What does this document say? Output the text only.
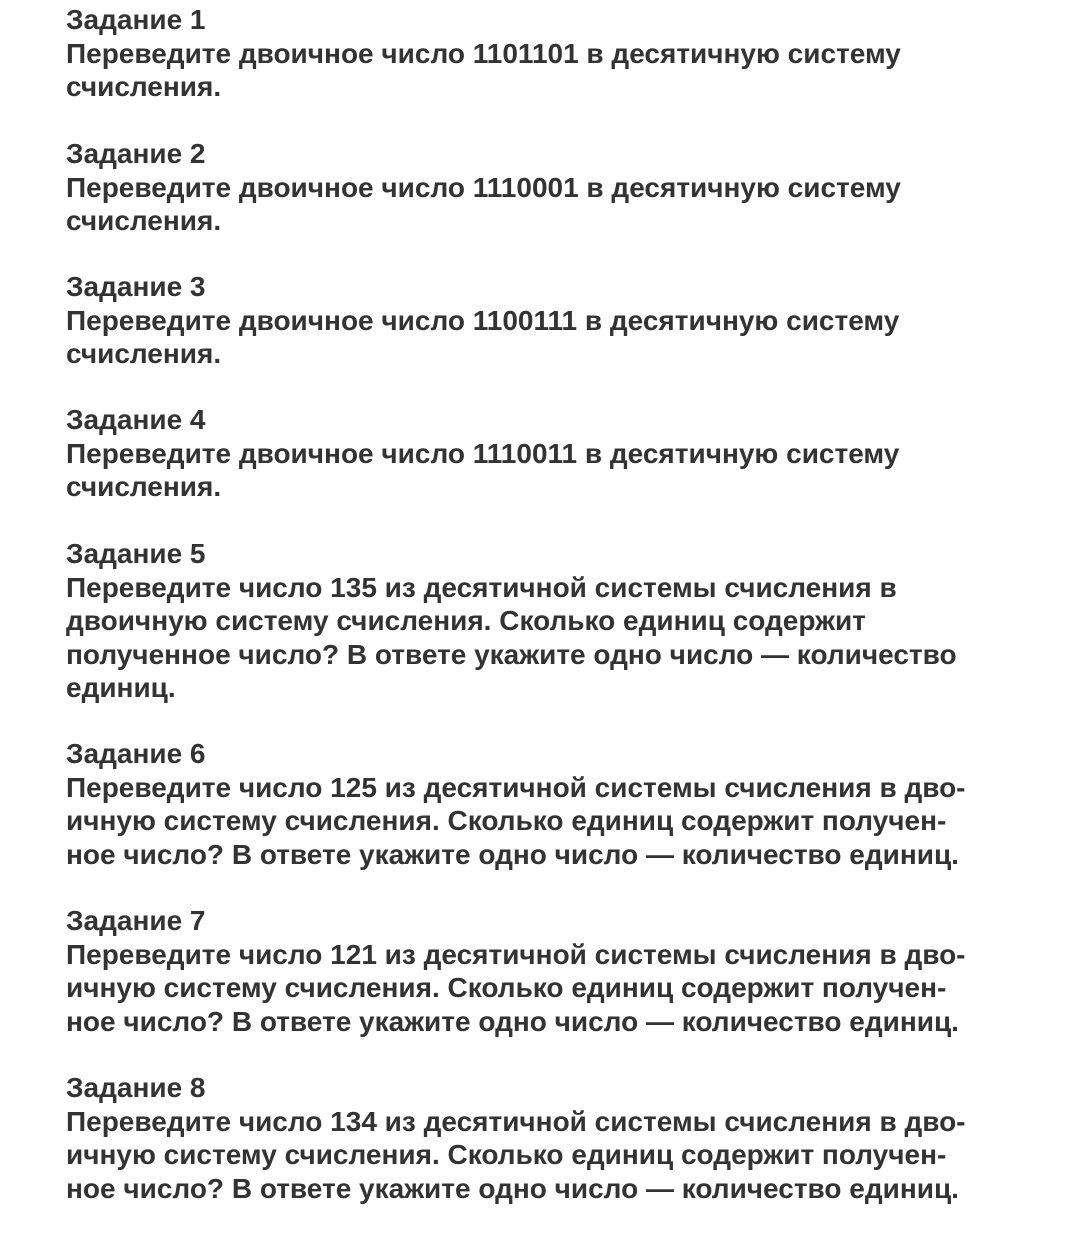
Задание 1
Переведите двоичное число 1101101 в десятичную систему
счисления.
Задание 2
Переведите двоичное число 1110001 в десятичную систему
счисления.
Задание 3
Переведите двоичное число 1100111 в десятичную систему
счисления.
Задание 4
Переведите двоичное число 1110011 в десятичную систему
счисления.
Задание 5
Переведите число 135 из десятичной системы счисления в
двоичную систему счисления. Сколько единиц содержит
полученное число? В ответе укажите одно число — количество
единиц.
Задание 6
Переведите число 125 из десятичной системы счисления в дво-
ичную систему счисления. Сколько единиц содержит получен-
ное число? В ответе укажите одно число — количество единиц.
Задание 7
Переведите число 121 из десятичной системы счисления в дво-
ичную систему счисления. Сколько единиц содержит получен-
ное число? В ответе укажите одно число — количество единиц.
Задание 8
Переведите число 134 из десятичной системы счисления в дво-
ичную систему счисления. Сколько единиц содержит получен-
ное число? В ответе укажите одно число — количество единиц.
